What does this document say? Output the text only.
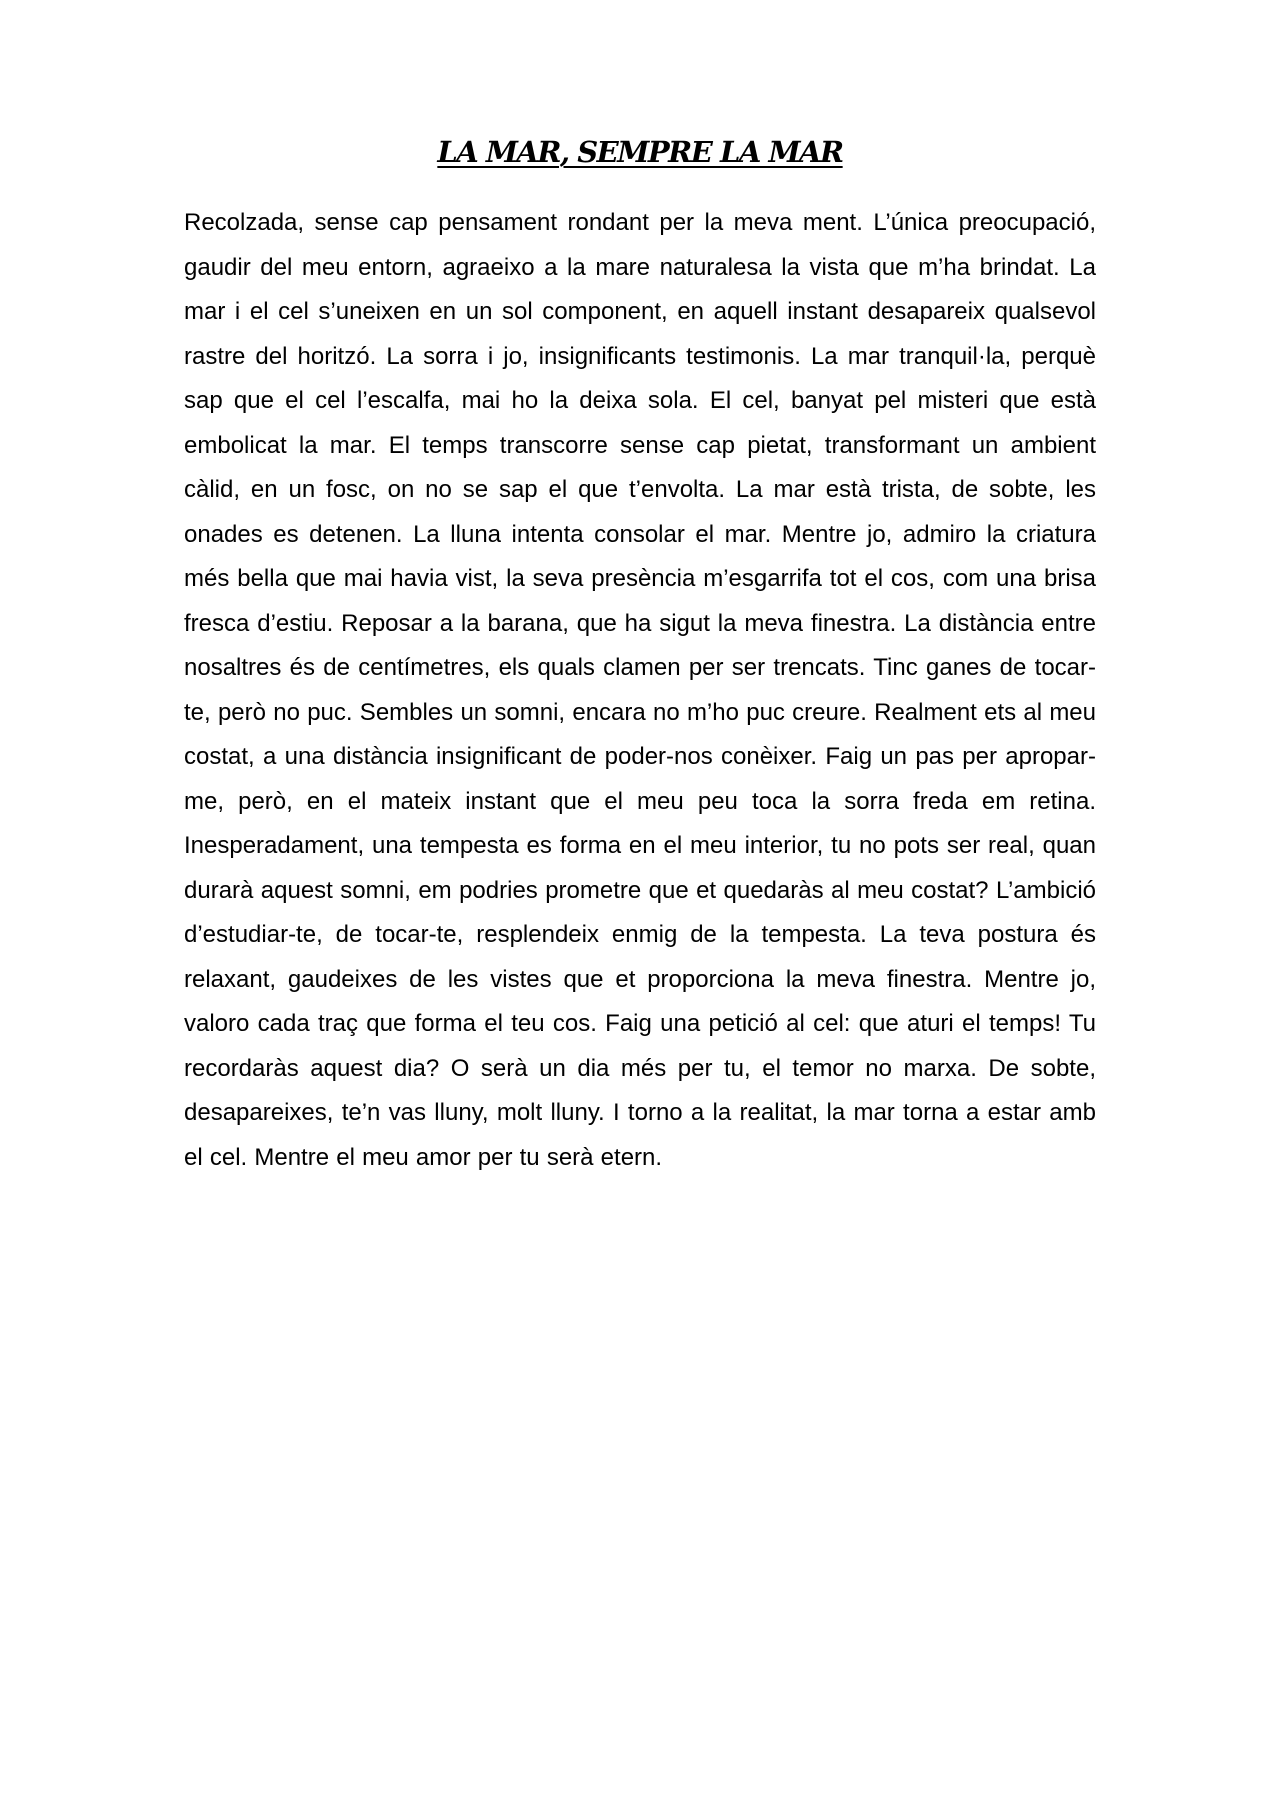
LA MAR, SEMPRE LA MAR

Recolzada, sense cap pensament rondant per la meva ment. L’única preocupació, gaudir del meu entorn, agraeixo a la mare naturalesa la vista que m’ha brindat. La mar i el cel s’uneixen en un sol component, en aquell instant desapareix qualsevol rastre del horitzó. La sorra i jo, insignificants testimonis. La mar tranquil·la, perquè sap que el cel l’escalfa, mai ho la deixa sola. El cel, banyat pel misteri que està embolicat la mar. El temps transcorre sense cap pietat, transformant un ambient càlid, en un fosc, on no se sap el que t’envolta. La mar està trista, de sobte, les onades es detenen. La lluna intenta consolar el mar. Mentre jo, admiro la criatura més bella que mai havia vist, la seva presència m’esgarrifa tot el cos, com una brisa fresca d’estiu. Reposar a la barana, que ha sigut la meva finestra. La distància entre nosaltres és de centímetres, els quals clamen per ser trencats. Tinc ganes de tocar-te, però no puc. Sembles un somni, encara no m’ho puc creure. Realment ets al meu costat, a una distància insignificant de poder-nos conèixer. Faig un pas per apropar-me, però, en el mateix instant que el meu peu toca la sorra freda em retina. Inesperadament, una tempesta es forma en el meu interior, tu no pots ser real, quan durarà aquest somni, em podries prometre que et quedaràs al meu costat? L’ambició d’estudiar-te, de tocar-te, resplendeix enmig de la tempesta. La teva postura és relaxant, gaudeixes de les vistes que et proporciona la meva finestra. Mentre jo, valoro cada traç que forma el teu cos. Faig una petició al cel: que aturi el temps! Tu recordaràs aquest dia? O serà un dia més per tu, el temor no marxa. De sobte, desapareixes, te’n vas lluny, molt lluny. I torno a la realitat, la mar torna a estar amb el cel. Mentre el meu amor per tu serà etern.
